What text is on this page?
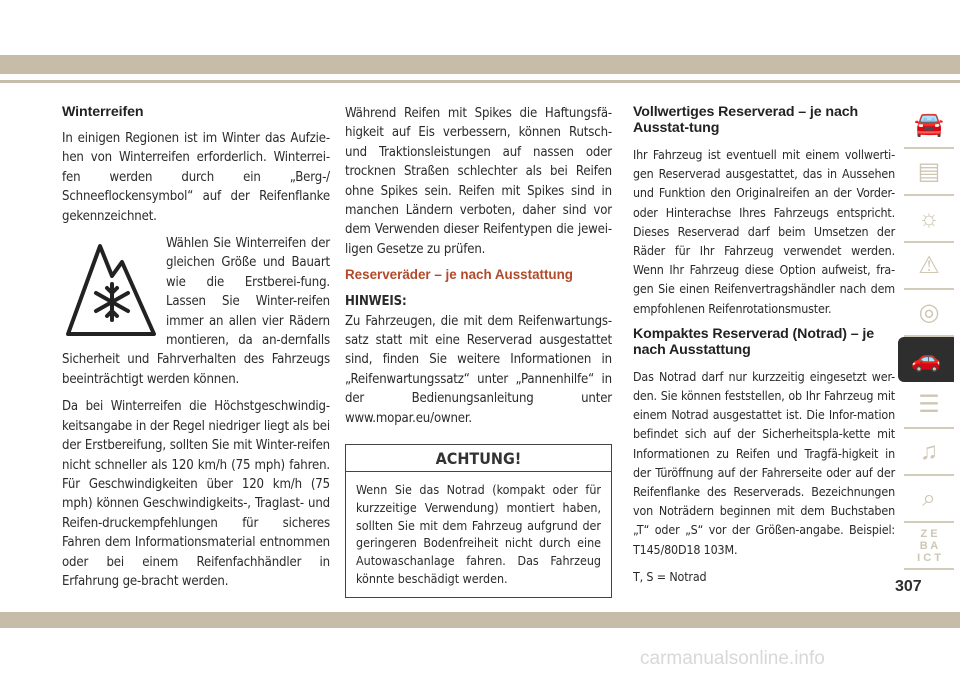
Winterreifen

In einigen Regionen ist im Winter das Aufzie-hen von Winterreifen erforderlich. Winterrei-fen werden durch ein „Berg-/ Schneeflockensymbol“ auf der Reifenflanke gekennzeichnet.

Wählen Sie Winterreifen der gleichen Größe und Bauart wie die Erstberei-fung. Lassen Sie Winter-reifen immer an allen vier Rädern montieren, da an-dernfalls Sicherheit und Fahrverhalten des Fahrzeugs beeinträchtigt werden können.

Da bei Winterreifen die Höchstgeschwindig-keitsangabe in der Regel niedriger liegt als bei der Erstbereifung, sollten Sie mit Winter-reifen nicht schneller als 120 km/h (75 mph) fahren. Für Geschwindigkeiten über 120 km/h (75 mph) können Geschwindigkeits-, Traglast- und Reifen-druckempfehlungen für sicheres Fahren dem Informationsmaterial entnommen oder bei einem Reifenfachhändler in Erfahrung ge-bracht werden.

Während Reifen mit Spikes die Haftungsfä-higkeit auf Eis verbessern, können Rutsch- und Traktionsleistungen auf nassen oder trocknen Straßen schlechter als bei Reifen ohne Spikes sein. Reifen mit Spikes sind in manchen Ländern verboten, daher sind vor dem Verwenden dieser Reifentypen die jewei-ligen Gesetze zu prüfen.

Reserveräder – je nach Ausstattung

HINWEIS:

Zu Fahrzeugen, die mit dem Reifenwartungs-satz statt mit eine Reserverad ausgestattet sind, finden Sie weitere Informationen in „Reifenwartungssatz“ unter „Pannenhilfe“ in der Bedienungsanleitung unter www.mopar.eu/owner.

ACHTUNG!
Wenn Sie das Notrad (kompakt oder für kurzzeitige Verwendung) montiert haben, sollten Sie mit dem Fahrzeug aufgrund der geringeren Bodenfreiheit nicht durch eine Autowaschanlage fahren. Das Fahrzeug könnte beschädigt werden.
Vollwertiges Reserverad – je nach Ausstat-tung

Ihr Fahrzeug ist eventuell mit einem vollwerti-gen Reserverad ausgestattet, das in Aussehen und Funktion den Originalreifen an der Vorder- oder Hinterachse Ihres Fahrzeugs entspricht. Dieses Reserverad darf beim Umsetzen der Räder für Ihr Fahrzeug verwendet werden. Wenn Ihr Fahrzeug diese Option aufweist, fra-gen Sie einen Reifenvertragshändler nach dem empfohlenen Reifenrotationsmuster.

Kompaktes Reserverad (Notrad) – je nach Ausstattung

Das Notrad darf nur kurzzeitig eingesetzt wer-den. Sie können feststellen, ob Ihr Fahrzeug mit einem Notrad ausgestattet ist. Die Infor-mation befindet sich auf der Sicherheitspla-kette mit Informationen zu Reifen und Tragfä-higkeit in der Türöffnung auf der Fahrerseite oder auf der Reifenflanke des Reserverads. Bezeichnungen von Noträdern beginnen mit dem Buchstaben „T“ oder „S“ vor der Größen-angabe. Beispiel: T145/80D18 103M.

T, S = Notrad

🚘
▤
☼
⚠
◎
🚗
☰
♫
⌕
Z E
B A
I C T
307
carmanualsonline.info
